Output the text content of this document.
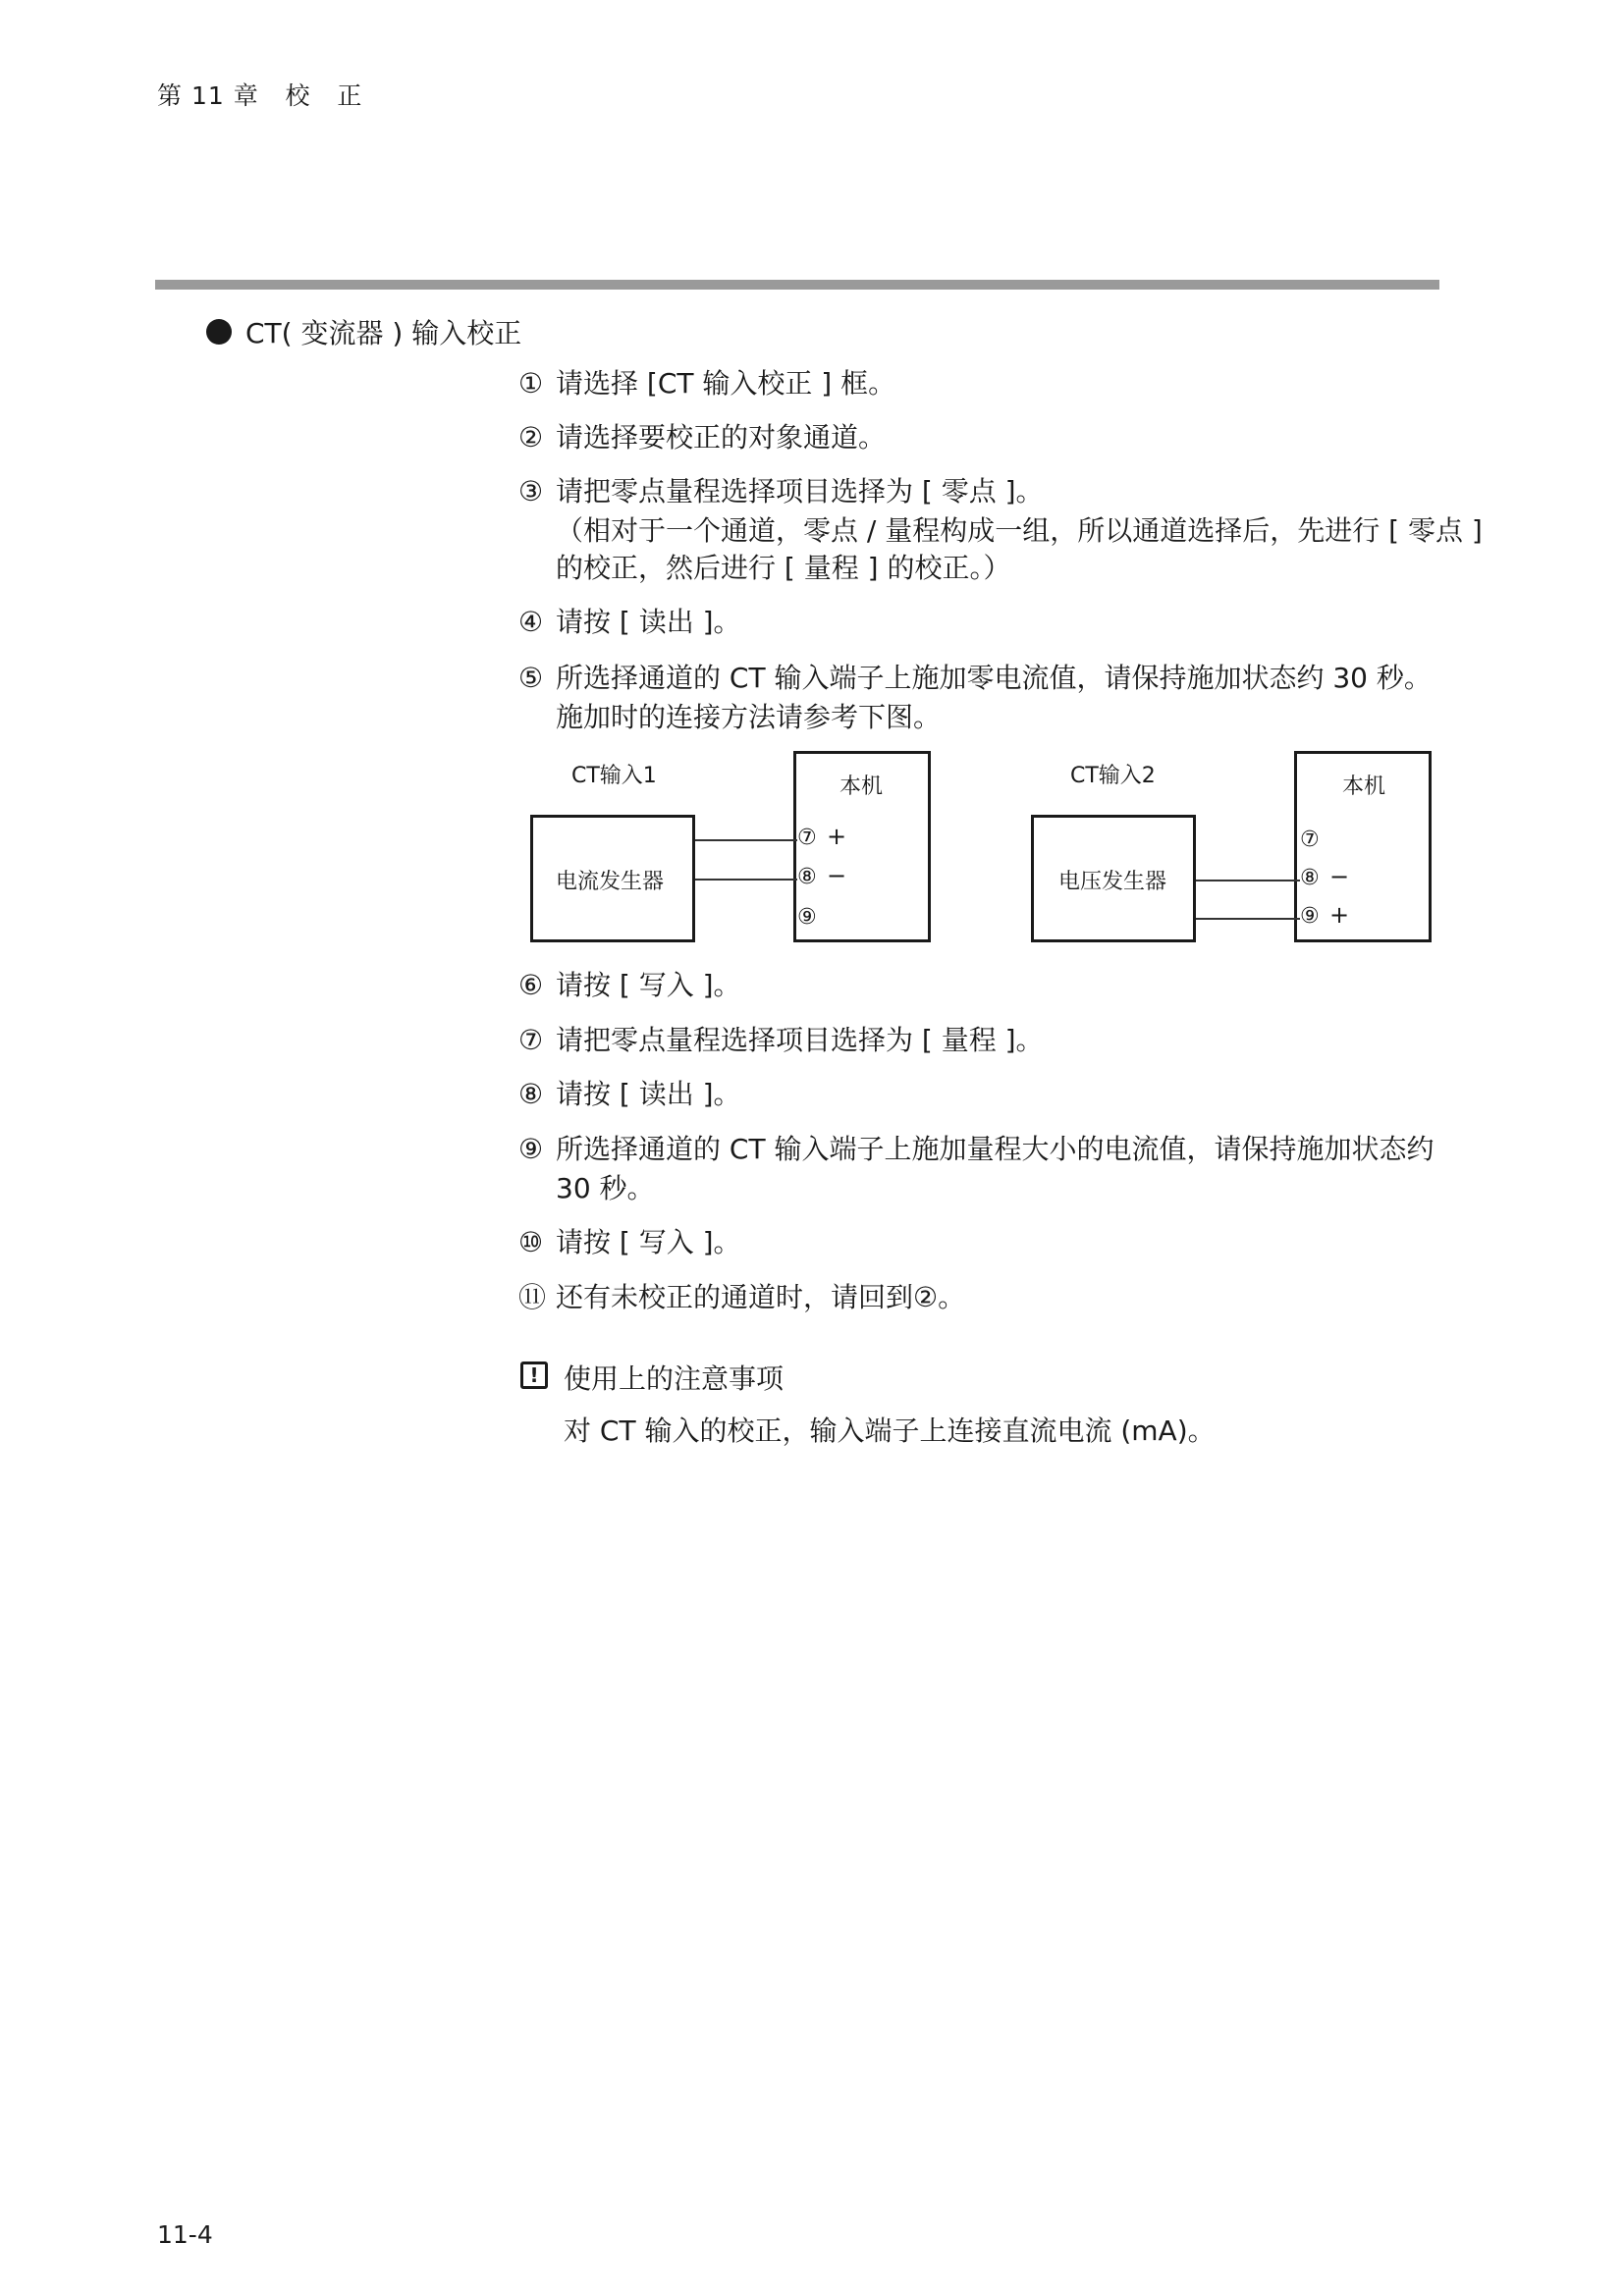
第 11 章   校   正
CT( 变流器 ) 输入校正
① 请选择 [CT 输入校正 ] 框。
② 请选择要校正的对象通道。
③ 请把零点量程选择项目选择为 [ 零点 ]。
（相对于一个通道，零点 / 量程构成一组，所以通道选择后，先进行 [ 零点 ]
的校正，然后进行 [ 量程 ] 的校正。）
④ 请按 [ 读出 ]。
⑤ 所选择通道的 CT 输入端子上施加零电流值，请保持施加状态约 30 秒。
施加时的连接方法请参考下图。
CT输入1
电流发生器
本机
⑦
⑧
⑨
+
−
CT输入2
电压发生器
本机
⑦
⑧
⑨
−
+
⑥ 请按 [ 写入 ]。
⑦ 请把零点量程选择项目选择为 [ 量程 ]。
⑧ 请按 [ 读出 ]。
⑨ 所选择通道的 CT 输入端子上施加量程大小的电流值，请保持施加状态约
30 秒。
⑩ 请按 [ 写入 ]。
⑪ 还有未校正的通道时，请回到②。
! 使用上的注意事项
对 CT 输入的校正，输入端子上连接直流电流 (mA)。
11-4
